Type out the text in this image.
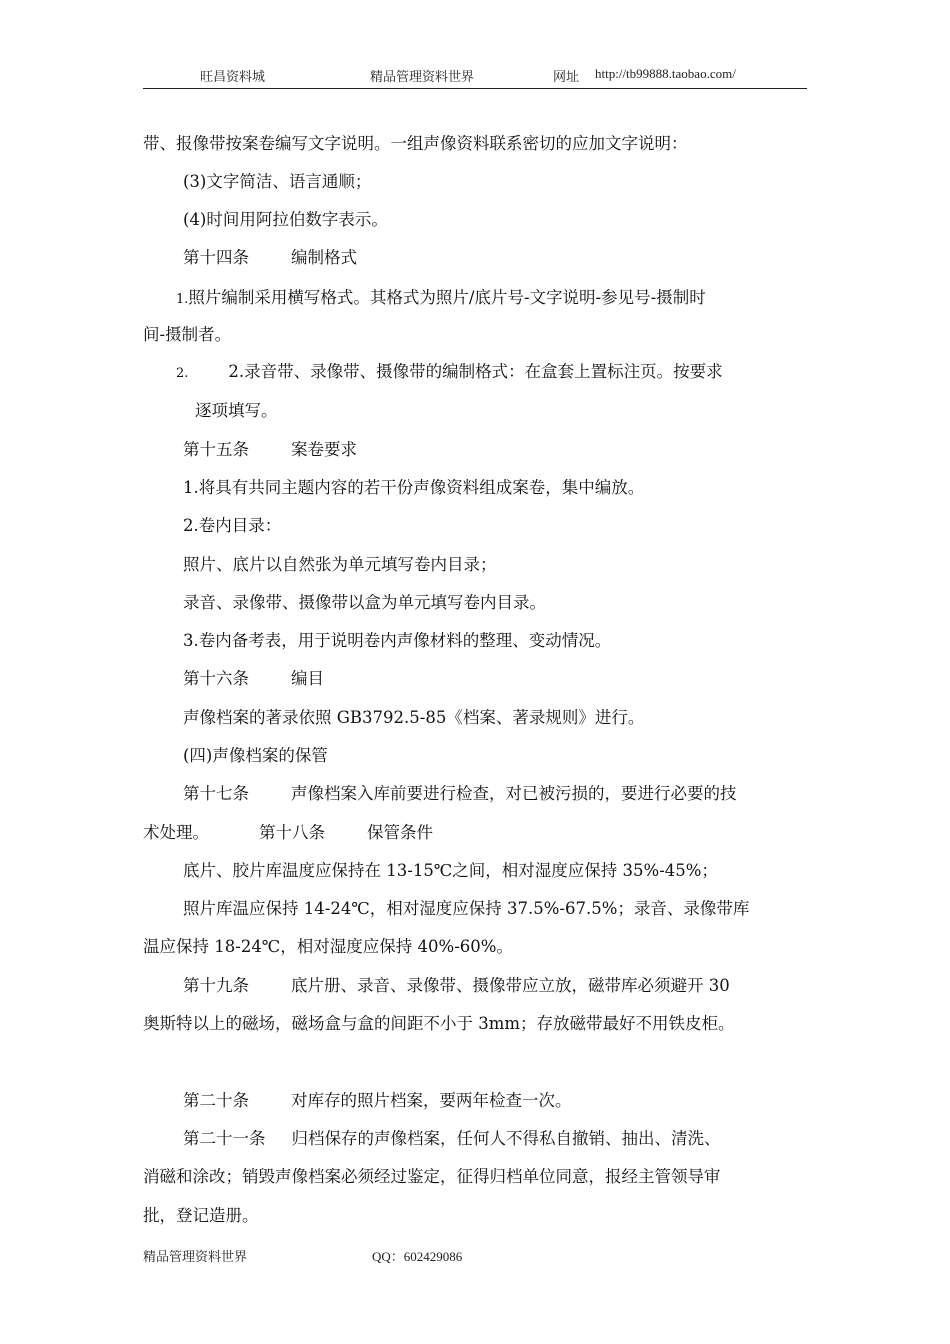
旺昌资料城	精品管理资料世界	网址 http://tb99888.taobao.com/
带、报像带按案卷编写文字说明。一组声像资料联系密切的应加文字说明：
(3)文字简洁、语言通顺；
(4)时间用阿拉伯数字表示。
第十四条	编制格式
1.照片编制采用横写格式。其格式为照片/底片号-文字说明-参见号-摄制时
间-摄制者。
2. 2.录音带、录像带、摄像带的编制格式：在盒套上置标注页。按要求
逐项填写。
第十五条	案卷要求
1.将具有共同主题内容的若干份声像资料组成案卷，集中编放。
2.卷内目录：
照片、底片以自然张为单元填写卷内目录；
录音、录像带、摄像带以盒为单元填写卷内目录。
3.卷内备考表，用于说明卷内声像材料的整理、变动情况。
第十六条	编目
声像档案的著录依照 GB3792.5-85《档案、著录规则》进行。
(四)声像档案的保管
第十七条	声像档案入库前要进行检查，对已被污损的，要进行必要的技
术处理。	第十八条	保管条件
底片、胶片库温度应保持在 13-15℃之间，相对湿度应保持 35%-45%；
照片库温应保持 14-24℃，相对湿度应保持 37.5%-67.5%；录音、录像带库
温应保持 18-24℃，相对湿度应保持 40%-60%。
第十九条	底片册、录音、录像带、摄像带应立放，磁带库必须避开 30
奥斯特以上的磁场，磁场盒与盒的间距不小于 3mm；存放磁带最好不用铁皮柜。
第二十条	对库存的照片档案，要两年检查一次。
第二十一条 归档保存的声像档案，任何人不得私自撤销、抽出、清洗、
消磁和涂改；销毁声像档案必须经过鉴定，征得归档单位同意，报经主管领导审
批，登记造册。
精品管理资料世界	QQ：602429086
